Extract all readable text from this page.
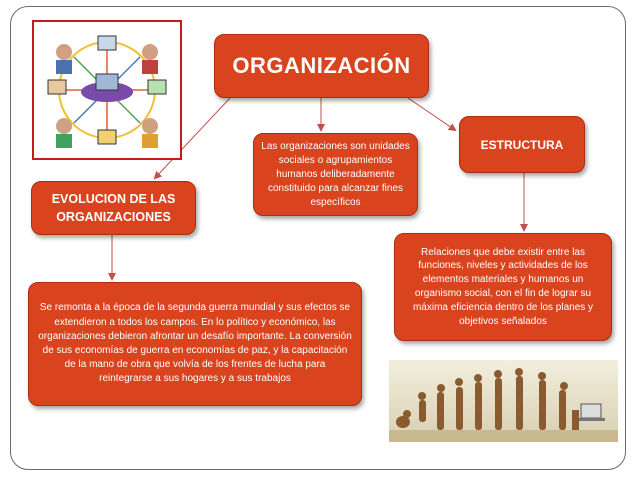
ORGANIZACIÓN
Las organizaciones son unidades sociales o agrupamientos humanos deliberadamente constituido para alcanzar fines específicos
ESTRUCTURA
EVOLUCION DE LAS ORGANIZACIONES
Relaciones que debe existir entre las funciones, niveles y actividades de los elementos materiales y humanos un organismo social, con el fin de lograr su máxima eficiencia dentro de los planes y objetivos señalados
Se remonta a la época de la segunda guerra mundial y sus efectos se extendieron a todos los campos. En lo político y económico, las organizaciones debieron afrontar un desafío importante. La conversión de sus economías de guerra en economías de paz, y la capacitación de la mano de obra que volvía de los frentes de lucha para reintegrarse a sus hogares y a sus trabajos
